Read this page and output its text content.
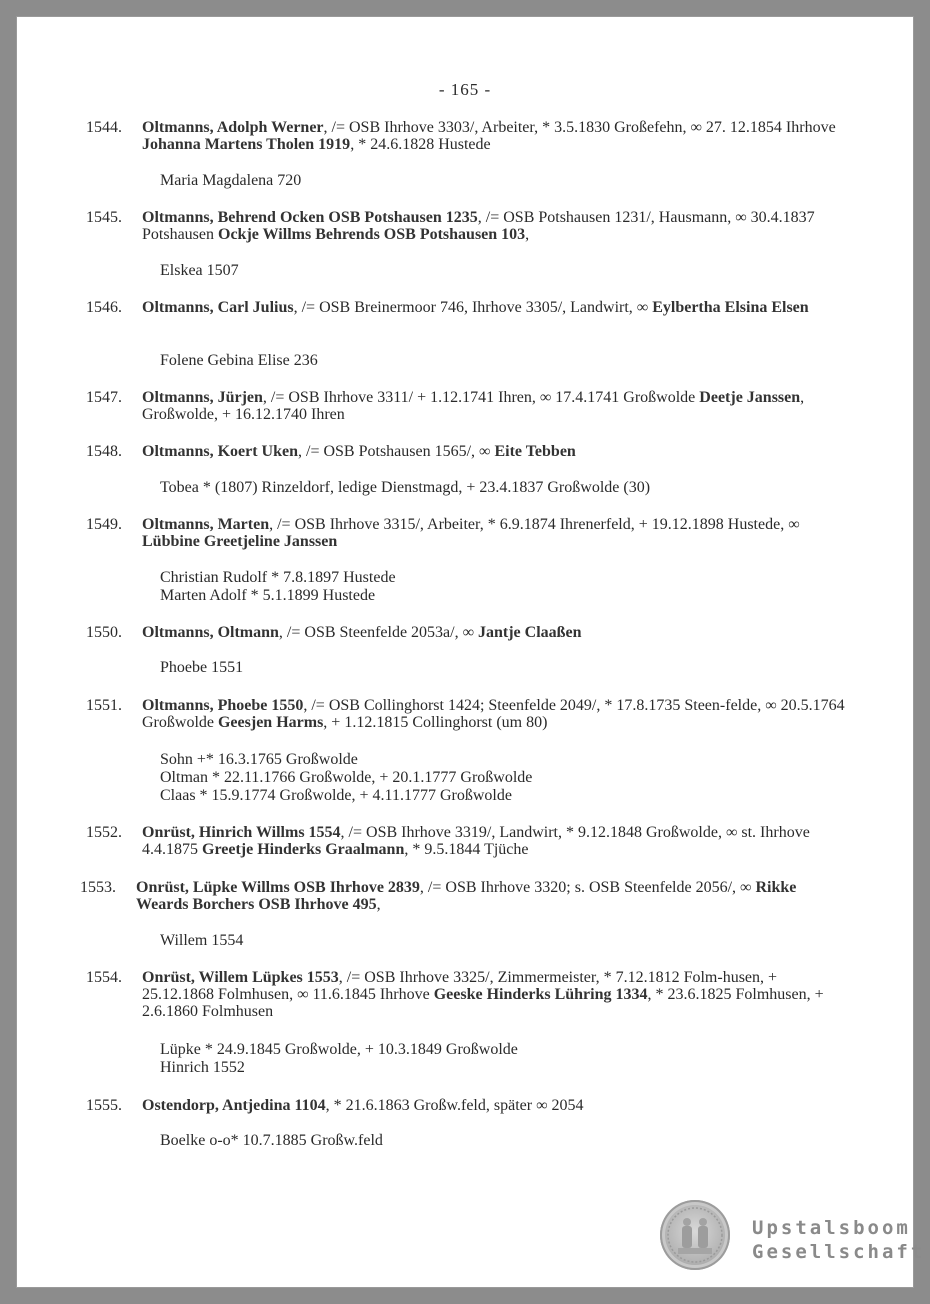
- 165 -
1544. Oltmanns, Adolph Werner, /= OSB Ihrhove 3303/, Arbeiter, * 3.5.1830 Großefehn, ∞ 27. 12.1854 Ihrhove Johanna Martens Tholen 1919, * 24.6.1828 Hustede
Maria Magdalena 720
1545. Oltmanns, Behrend Ocken OSB Potshausen 1235, /= OSB Potshausen 1231/, Hausmann, ∞ 30.4.1837 Potshausen Ockje Willms Behrends OSB Potshausen 103,
Elskea 1507
1546. Oltmanns, Carl Julius, /= OSB Breinermoor 746, Ihrhove 3305/, Landwirt, ∞ Eylbertha Elsina Elsen
Folene Gebina Elise 236
1547. Oltmanns, Jürjen, /= OSB Ihrhove 3311/ + 1.12.1741 Ihren, ∞ 17.4.1741 Großwolde Deetje Janssen, Großwolde, + 16.12.1740 Ihren
1548. Oltmanns, Koert Uken, /= OSB Potshausen 1565/, ∞ Eite Tebben
Tobea * (1807) Rinzeldorf, ledige Dienstmagd, + 23.4.1837 Großwolde (30)
1549. Oltmanns, Marten, /= OSB Ihrhove 3315/, Arbeiter, * 6.9.1874 Ihrenerfeld, + 19.12.1898 Hustede, ∞ Lübbine Greetjeline Janssen
Christian Rudolf * 7.8.1897 Hustede
Marten Adolf * 5.1.1899 Hustede
1550. Oltmanns, Oltmann, /= OSB Steenfelde 2053a/, ∞ Jantje Claaßen
Phoebe 1551
1551. Oltmanns, Phoebe 1550, /= OSB Collinghorst 1424; Steenfelde 2049/, * 17.8.1735 Steen-felde, ∞ 20.5.1764 Großwolde Geesjen Harms, + 1.12.1815 Collinghorst (um 80)
Sohn +* 16.3.1765 Großwolde
Oltman * 22.11.1766 Großwolde, + 20.1.1777 Großwolde
Claas * 15.9.1774 Großwolde, + 4.11.1777 Großwolde
1552. Onrüst, Hinrich Willms 1554, /= OSB Ihrhove 3319/, Landwirt, * 9.12.1848 Großwolde, ∞ st. Ihrhove 4.4.1875 Greetje Hinderks Graalmann, * 9.5.1844 Tjüche
1553. Onrüst, Lüpke Willms OSB Ihrhove 2839, /= OSB Ihrhove 3320; s. OSB Steenfelde 2056/, ∞ Rikke Weards Borchers OSB Ihrhove 495,
Willem 1554
1554. Onrüst, Willem Lüpkes 1553, /= OSB Ihrhove 3325/, Zimmermeister, * 7.12.1812 Folm-husen, + 25.12.1868 Folmhusen, ∞ 11.6.1845 Ihrhove Geeske Hinderks Lühring 1334, * 23.6.1825 Folmhusen, + 2.6.1860 Folmhusen
Lüpke * 24.9.1845 Großwolde, + 10.3.1849 Großwolde
Hinrich 1552
1555. Ostendorp, Antjedina 1104, * 21.6.1863 Großw.feld, später ∞ 2054
Boelke o-o* 10.7.1885 Großw.feld
Upstalsboom
Gesellschaft
